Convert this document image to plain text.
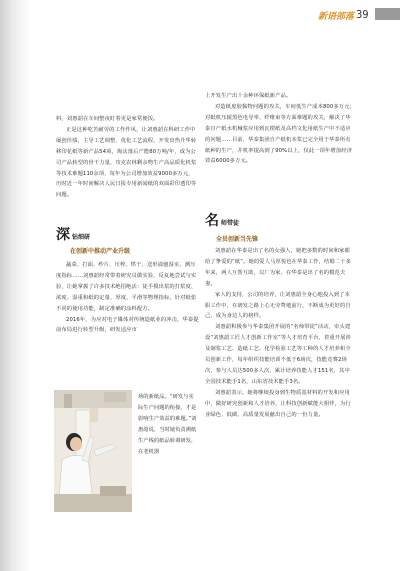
新语部落 39

料，刘惠韶在车间整夜盯着更是家常便饭。

正是这种吃苦耐劳的工作作风，让刘惠韶在科研工作中屡创佳绩，主导工艺调整、优化工艺流程，开发出热升华转移印花纸等新产品54项，淘汰落后产能80万吨/年，成为公司产品转型的骨干力量，攻克农林剩余物生产高品质化机浆等技术难题110余项，每年为公司增加效益9000多万元，历时近一年时间解决人民日报专用新闻纸的双面彩印透印等问题。

深 钻细研
在创新中推动产业升级

蔬菜、打面、纱片、压榨、烘干、送形溢刨湿室、测压度指标……刘惠韶经常带着研究员做实验，反复地尝试与实验，让她掌握了许多技术绝招绝活：徒手摸出浆的打浆度、浓度、湿重和纸的定量、厚度、平滑等物理指标，针对纸张不同的使用功能，制定准确的涂料配方。

2016年，为应对电子媒体对传统造纸业的冲击，华泰提前布局进行转型升级，研发适应市

场的新纸品。“研发与实际生产问题的衔接，才是影响生产效益的难题。”刘惠韶说，当时她负责测纸生产线的纸品转调研发，在老机器

上开发生产出十余种环保纸新产品。

对造纸废胶黏物问题的攻关，车间低生产成本800多万元；对纸机压辊黑色电导率、纤维束等方面难题的攻关，解决了华泰自产纸水机械浆应用到瓦楞纸及高档文化用纸生产中不适应的问题……目前，华泰集团自产纸机本浆已完全用于华泰所有纸种的生产，并机率提高到了90%以上，仅此一项年增加经济效益6000多万元。

名 师带徒
全员创新当先锋

刘惠韶在华泰是出了名的女强人，她把多数的时间和家都给了挚爱的“纸”。她的爱人马厚悦也在华泰工作，结婚二十多年来，两人互帮互助，以厂为家，在华泰是出了名的模范夫妻。

家人的支持，公司的培养，让刘惠韶全身心地投入到了本职工作中，在研发之路上心无旁骛地前行，不断成为更好的自己，成为身边人的榜样。

刘惠韶积极参与华泰集团开展的“名师带徒”活动，牵头建设“刘惠韶工匠人才创新工作室”等人才培育平台，着重开展涉及制浆工艺、造纸工艺、化学检验工艺等工种的人才培养和全员创新工作，每年组织技能培训不低于6场次，技能竞赛2场次，参与人员达500多人次，累计培养技能人才151名，其中全国技术能手1名，山东省技术能手3名。

刘惠韶表示，她将继续投身到生物质基材料的开发和应用中，做好研究创新和人才培养，让科技创新赋能大相伴，为行业绿色、低碳、高质量发展献出自己的一份力量。
